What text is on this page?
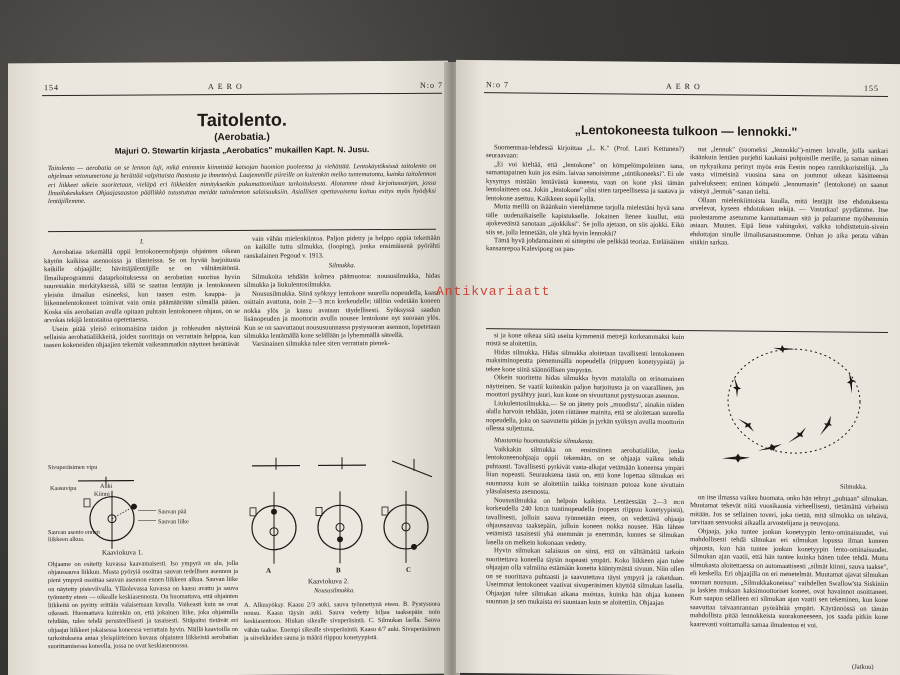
154	AERO	N:o 7
Taitolento.
(Aerobatia.)
Majuri O. Stewartin kirjasta „Aerobatics" mukaillen Kapt. N. Jusu.
Taitolento — aerobatia on se lennon laji, mikä enimmin kiinnittää katsojan huomion puoleensa ja viehättää. Lentokäytöksissä taitolento on ohjelman vetonumerona ja herättää valpittaista ihastusta ja ihmettelyä. Laajemmille piireille on kuitenkin melko tuntematonta, kuinka taitolennon eri liikkeet oikein suoritetaan, vieläpä eri liikkeiden nimityksetkin pukumattomilaan tarkoituksesta. Alotamme tässä kirjoitussarjan, jossa Ilmailukeskuksen Ohjaajasaaston päällikkö tutustuttaa meidät taitolennon salaisuuksiin. Asiallisen opettavaisena koituu esitys myös hyödyksi lentäjillemme.
I.

Aerobatiaa tekemällä oppii lentokoneenohjaaja ohjainten oikean käytön kaikissa asennoissa ja tilanteissa. Se on hyvää harjoitusta kaikille ohjaajille; hävittäjälentäjille se on välttämätöntä. Ilmailuprogrammi dataprkoituksessa on aerobatian suoritus hyvin suurestakin merkityksessä, sillä se saattaa lentäjän ja lentokoneen yleisön ilmailun esineeksi, kun taasen esim. kauppa- ja liikennelentokoneet toimivat vain omia päämääriään silmällä pitäen. Koska siis aerobatian avulla opitaan puhtain lentokoneen ohjaus, on se arvokas tekijä lentotaitoa opetettaessa.

Usein pitää yleisö erinomaisina taidon ja rohkeuden näytteinä sellaisia aerobatialiikkeitä, joiden suorittaja on verrattain helppoa, kun taasen kokeneiden ohjaajien tekemät vaikeammatkin näytteet herättävät

vain vähän mielenkiintoa. Paljon pidetty ja helppo oppia tekemään on kaikille tuttu silmukka, (looping), jonka ensimäisenä pyörähti ranskalainen Pegoud v. 1913.

Silmukka.

Silmukoita tehdään kolmea päämuotoa: noususilmukka, hidas silmukka ja liukulentosilmukka.

Noususilmukka. Siinä syöksyy lentokone suurella nopeudella, kaasu osittain avattuna, noin 2—3 m:n korkeudelle; tällöin vedetään koneen nokka ylös ja kaasu avataan täydellisesti. Syöksyssä saadun lisänopeuden ja moottorin avulla nousee lentokone nyt suoraan ylös. Kun se on saavuttanut noususuunnassa pystysuoran asennon, lopetetaan silmukka lentämällä kone selällään ja lyhemmällä säteellä.

Varsinainen silmukka tulee siten verrattain pienek-

Sivuperäsimen vipu
Kaasuvipu	Auki
Kiinni
Sauvan pää
Sauvan liike
Sauvan asento ennen liikkeen alkua.
Kaaviokuva 1.
Ohjaame on esitetty kuvassa kaavamaisesti. Iso ympyrä on alu, jolla ohjaussauva liikkuu. Musta pyöryiä osoittaa sauvan tedellisen asennon ja pieni ympyrä osoittaa sauvan asennon ennen liikkeen alkua. Sauvan liike on näytetty pisteviivalla. Ylläolevassa kuvassa on kaasu avattu ja sauva työnnetty eteen — oikealle keskiasennosta. On huomattava, että ohjainten liikkeitä on pyritty erittäin valaisemaan kuvalla. Vaikeasti kuin ne ovat oikeasti. Huomattava kuitenkin on, että jokainen liike, joka ohjaimilla tehdään, tulee tehdä perusteellisesti ja tasaisesti. Sitäpaitsi tietävät eri ohjaajat liikkeet jokaisessa koneessa verrattain hyvin. Näillä kaavioilla on tarkoituksena antaa yleispiirteinen kuvaus ohjainten liikkeistä aerobatian suorittamisessa koneella, jossa ne ovat keskiasennossa.
A	B	C
Kaaviokuva 2.
Noususilmukka.
A. Alkusyöksy. Kaasu 2/3 auki, sauva työnnettynä eteen. B. Pystysuora nousu. Kaasu täysin auki. Sauva vedetty hiljaa taaksepäin noin keskiasentoon. Hiukan sikealle sivuperäsintä. C. Silmukan laella. Sauva vähän taakse. Enempi sikealle sivuperäsintä. Kaasu 4/7 auki. Sivuperäsimen ja siivekkeiden sauna ja määrä riippuu konetyypistä.
N:o 7	AERO	155
„Lentokoneesta tulkoon — lennokki."

Suomenmaa-lehdessä kirjoittaa „L. K." (Prof. Lauri Kettunen?) seuraavaan:

„Ei voi kieltää, että „lentokone" on kömpelömpoleinen sana, samantapainen kuin jos esim. laivaa sanoisimme „uintikoneeksi". Ei ole kysymys mistään lentävästä koneesta, vaan on kone yksi tämän lentolaitteen osa. Jokin „lentokone" olisi siten tarpeellisessa ja saatava ja lentokone asettuu. Kaikkeen sopii kyllä.

Mutta meillä on ikäänkuin viereltämme tarjolla mielestäni hyvä sana tälle uudenaikaiselle kapistukselle. Jokainen lienee kuullut, että ajokeveäistä sanotaan „ajokkiksi". Se jolla ajetaan, on siis ajokki. Eikö siis se, jolla lennetään, ole yhtä hyvin lennokki?

Tämä hyvä johdannainen ei sittepitsi ole pelkkää teoriaa. Eteläisäiten kansanrepoa Kalevipoeg on pan-

nut „lennuk" (suomeksi „lennokki")-nimen laivalle, jolla sankari ikäänkuin lentäen purjehti kaukaisi pohjoisille merille, ja saman nimen on nykyaikana perinyt myös eräs Eestin nopea rannikkoristeilijä. „Ja vasta viimeisinä vuosina sana on joutunut oikean käsitteensä palvelukseen: entinen kömpelö „lennumasin" (lentokone) on saanut väistyä „lennuk"-sanan tieltä.

Ollaan mielenkiintoista kuulla, mitä lentäjät itse ehdotuksesta arvelevat, kyseen ehdotuksen tekijä. — Vastatkaa! pyydämme. Itse puolestamme asetumme kannattamaan sitä ja palaamme myöhemmin asiaan. Muuten. Eipä liene vahingoksi, vaikka tohdisttetuin-sivein ehdottajan sinulle ilmailusanastoomme. Onhan jo aika perata vähän sitäkin sarkaa.

si ja kone oikeaa siitä useita kymmeniä metrejä korkeammaksi kuin mistä se aloitettiin.

Hidas silmukka. Hidas silmukka aloitetaan tavallisesti lentokoneen maksiminopeutta pienemmällä nopeudella (riippuen konetyypistä) ja tekee kone siinä säännöllisen ympyrän.

Oikein suoritettu hidas silmukka hyvin matalalla on erinomainen näytteinen. Se vaatii kuitenkin paljon harjoitusta ja on vaarallinen, jos moottori pysähtyy juuri, kun kone on sivuuttanut pystysuoran asennon.

Liukulentosilmukka.— Se on jätetty pois „muodista", ainakin niiden alalla harvoin tehdään, joten riittänee mainita, että se aloitetaan suurella nopeudella, joka on saavutettu pitkän ja jyrkän syöksyn avulla moottorin ollessa suljettuna.

Muutamia huomautuksia silmukasta.

Vaikkakin silmukka on ensimäinen aerobatialiike, jonka lentokoneenohjaaja oppii tekemään, on se ohjaaja vaikea tehdä puhtaasti. Tavallisesti pyrkivät vasta-alkajat vetämään koneensa ympäri liian nopeasti. Seurauksena tästä on, että kone lopettaa silmukan eri suunnassa kuin se aloitettiin taikka toisinaan putoaa kone sivuttain yläsalaisesta asennosta.

Noususilmukka on helpoin kaikista. Lentäessään 2—3 m:n korkeudella 240 km:n tuntinopeudella (nopeus riippuu konetyypistä), tavallisesti, jolloin sauva työnnetään eteen, on vedettävä ohjaaja ohjaussauvaa taaksepäin, jolloin koneen nokka nousee. Hän lähtee vetämistä tasaisesti yhä enemmän ja enemmän, kunnes se silmukan lasella on melkein kokonaan vedetty.

Hyvin silmukan salaisuus on siinä, että on välttämättä tarkoin suoritettava koneella täysin nopeasti ympäri. Koko liikkeen ajan tulee ohjaajan olla valmiina estämään konetta kääntymästä sivuun. Niin ollen on se suorittava puhtaasti ja saavutettava täysi ympyrä ja raketdaan. Useimmat lentokoneet vaativat sivuperäsimen käyttöä silmukan lasella. Ohjaajan tulee silmukan aikana muistaa, kuinka hän ohjaa koneen suunnan ja sen mukaista eri suuntaan kuin se aloitettiin. Ohjaajan

Silmukka.

on itse ilmassa vaikea huomata, onko hän tehnyt „puhtaan" silmukan. Muutamat tekevät niitä vuosikausia virheellisesti, tietämättä virheistä mitään. Jos se sellainen toveri, joka tietää, mitä silmukka on tehtävä, tarvitaan senvuoksi aikaalla arvostelijana ja neuvojana.

Ohjaaja, joka tuntee jonkun konetyypin lento-ominaisuudet, voi mahdollisesti tehdä silmukan eri silmukan lopussa ilman koneen ohjausta, kun hän tuntee jonkun konetyypin lento-ominaisuudet. Silmukan ajan vaatii, että hän tuntee kuinka hänen tulee tehdä. Mutta silmukasta aloitettaessa on automaattisesti „silmät kiinni, sauva taakse", eli keskella. Eri ohjaajilla on eri menetelmät. Muutamat ajavat silmukan suoraan nousuun. „Silmukkakoneissa" vaihdellen Swallow'sta Siskiniin ja laskien mukaan kaksimoottoriset koneet, ovat havainnot osoittaneet. Kun saapuu selälleen eri silmukan ajan vaatii sen tekeminen, kun kone saavuttaa taivaanrannan pyörähtää ympäri. Käytännössä on tämän mahdollista pitää lennokkeista suorakoneeseen, jos saada pitkin kone kaarevasti voittamalla samaa ilmalentoa ei voi.

(Jatkuu)
Antikvariaatt
